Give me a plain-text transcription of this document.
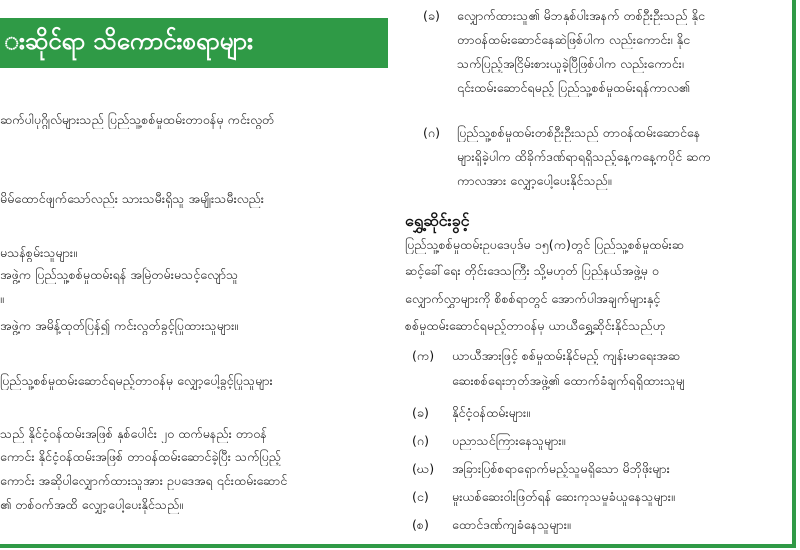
းဆိုင်ရာ သိကောင်းစရာများ
ဆက်ပါပုဂ္ဂိုလ်များသည် ပြည်သူ့စစ်မှုထမ်းတာဝန်မှ ကင်းလွတ်
မိမ်ထောင်ဖျက်သော်လည်း သားသမီးရှိသူ အမျိုးသမီးလည်း
မသန်စွမ်းသူများ။
အဖွဲ့က ပြည်သူ့စစ်မှုထမ်းရန် အမြဲတမ်းမသင့်လျော်သူ
။
အဖွဲ့က အမိန့်ထုတ်ပြန်၍ ကင်းလွတ်ခွင့်ပြုထားသူများ။
ပြည်သူ့စစ်မှုထမ်းဆောင်ရမည့်တာဝန်မှ လျှော့ပေါ့ခွင့်ပြုသူများ
သည် နိုင်ငံ့ဝန်ထမ်းအဖြစ် နှစ်ပေါင်း ၂၀ ထက်မနည်း တာဝန်
ကောင်း နိုင်ငံ့ဝန်ထမ်းအဖြစ် တာဝန်ထမ်းဆောင်ခဲ့ပြီး သက်ပြည့်
ကောင်း အဆိုပါလျှောက်ထားသူအား ဥပဒေအရ ၎င်းထမ်းဆောင်
၏ တစ်ဝက်အထိ လျှော့ပေါ့ပေးနိုင်သည်။
(ခ) လျှောက်ထားသူ၏ မိဘနှစ်ပါးအနက် တစ်ဦးဦးသည် နိုင
တာဝန်ထမ်းဆောင်နေဆဲဖြစ်ပါက လည်းကောင်း၊ နိုင
သက်ပြည့်အငြိမ်းစားယူခဲ့ပြီဖြစ်ပါက လည်းကောင်း၊
၎င်းထမ်းဆောင်ရမည့် ပြည်သူ့စစ်မှုထမ်းရန်ကာလ၏
(ဂ) ပြည်သူ့စစ်မှုထမ်းတစ်ဦးဦးသည် တာဝန်ထမ်းဆောင်နေ
များရှိခဲ့ပါက ထိခိုက်ဒဏ်ရာရရှိသည့်နေ့ကနေ့ကပိုင် ဆက
ကာလအား လျှော့ပေါ့ပေးနိုင်သည်။
ရွှေ့ဆိုင်းခွင့်
ပြည်သူ့စစ်မှုထမ်းဥပဒေပုဒ်မ ၁၅(က)တွင် ပြည်သူ့စစ်မှုထမ်းဆ
ဆင့်ခေါ်ရေး တိုင်းဒေသကြီး သို့မဟုတ် ပြည်နယ်အဖွဲ့မှ ဝ
လျှောက်လွှာများကို စိစစ်ရာတွင် အောက်ပါအချက်များနှင့်
စစ်မှုထမ်းဆောင်ရမည့်တာဝန်မှ ယာယီရွှေ့ဆိုင်းနိုင်သည်ဟု
(က) ယာယီအားဖြင့် စစ်မှုထမ်းနိုင်မည့် ကျန်းမာရေးအဆ
ဆေးစစ်ရေးဘုတ်အဖွဲ့၏ ထောက်ခံချက်ရရှိထားသူမျ
(ခ) နိုင်ငံ့ဝန်ထမ်းများ။
(ဂ) ပညာသင်ကြားနေသူများ။
(ဃ) အခြားပြစ်စရာရှောက်မည့်သူမရှိသော မိဘိုဖိုးများ
(င) မူးယစ်ဆေးဝါးဖြတ်ရန် ဆေးကုသမှုခံယူနေသူများ။
(စ) ထောင်ဒဏ်ကျခံနေသူများ။
